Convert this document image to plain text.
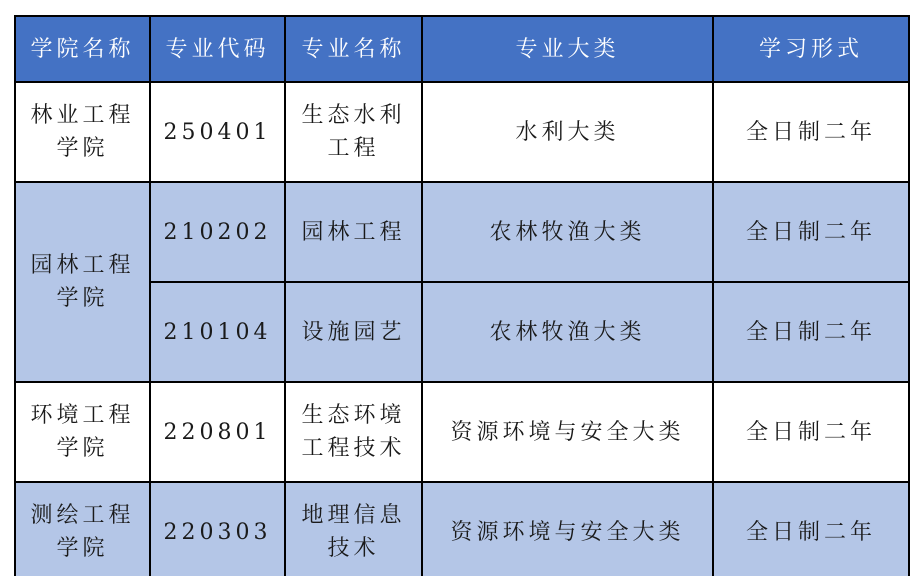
学院名称	专业代码	专业名称	专业大类	学习形式
林业工程学院	250401	生态水利工程	水利大类	全日制二年
园林工程学院	210202	园林工程	农林牧渔大类	全日制二年
	210104	设施园艺	农林牧渔大类	全日制二年
环境工程学院	220801	生态环境工程技术	资源环境与安全大类	全日制二年
测绘工程学院	220303	地理信息技术	资源环境与安全大类	全日制二年
